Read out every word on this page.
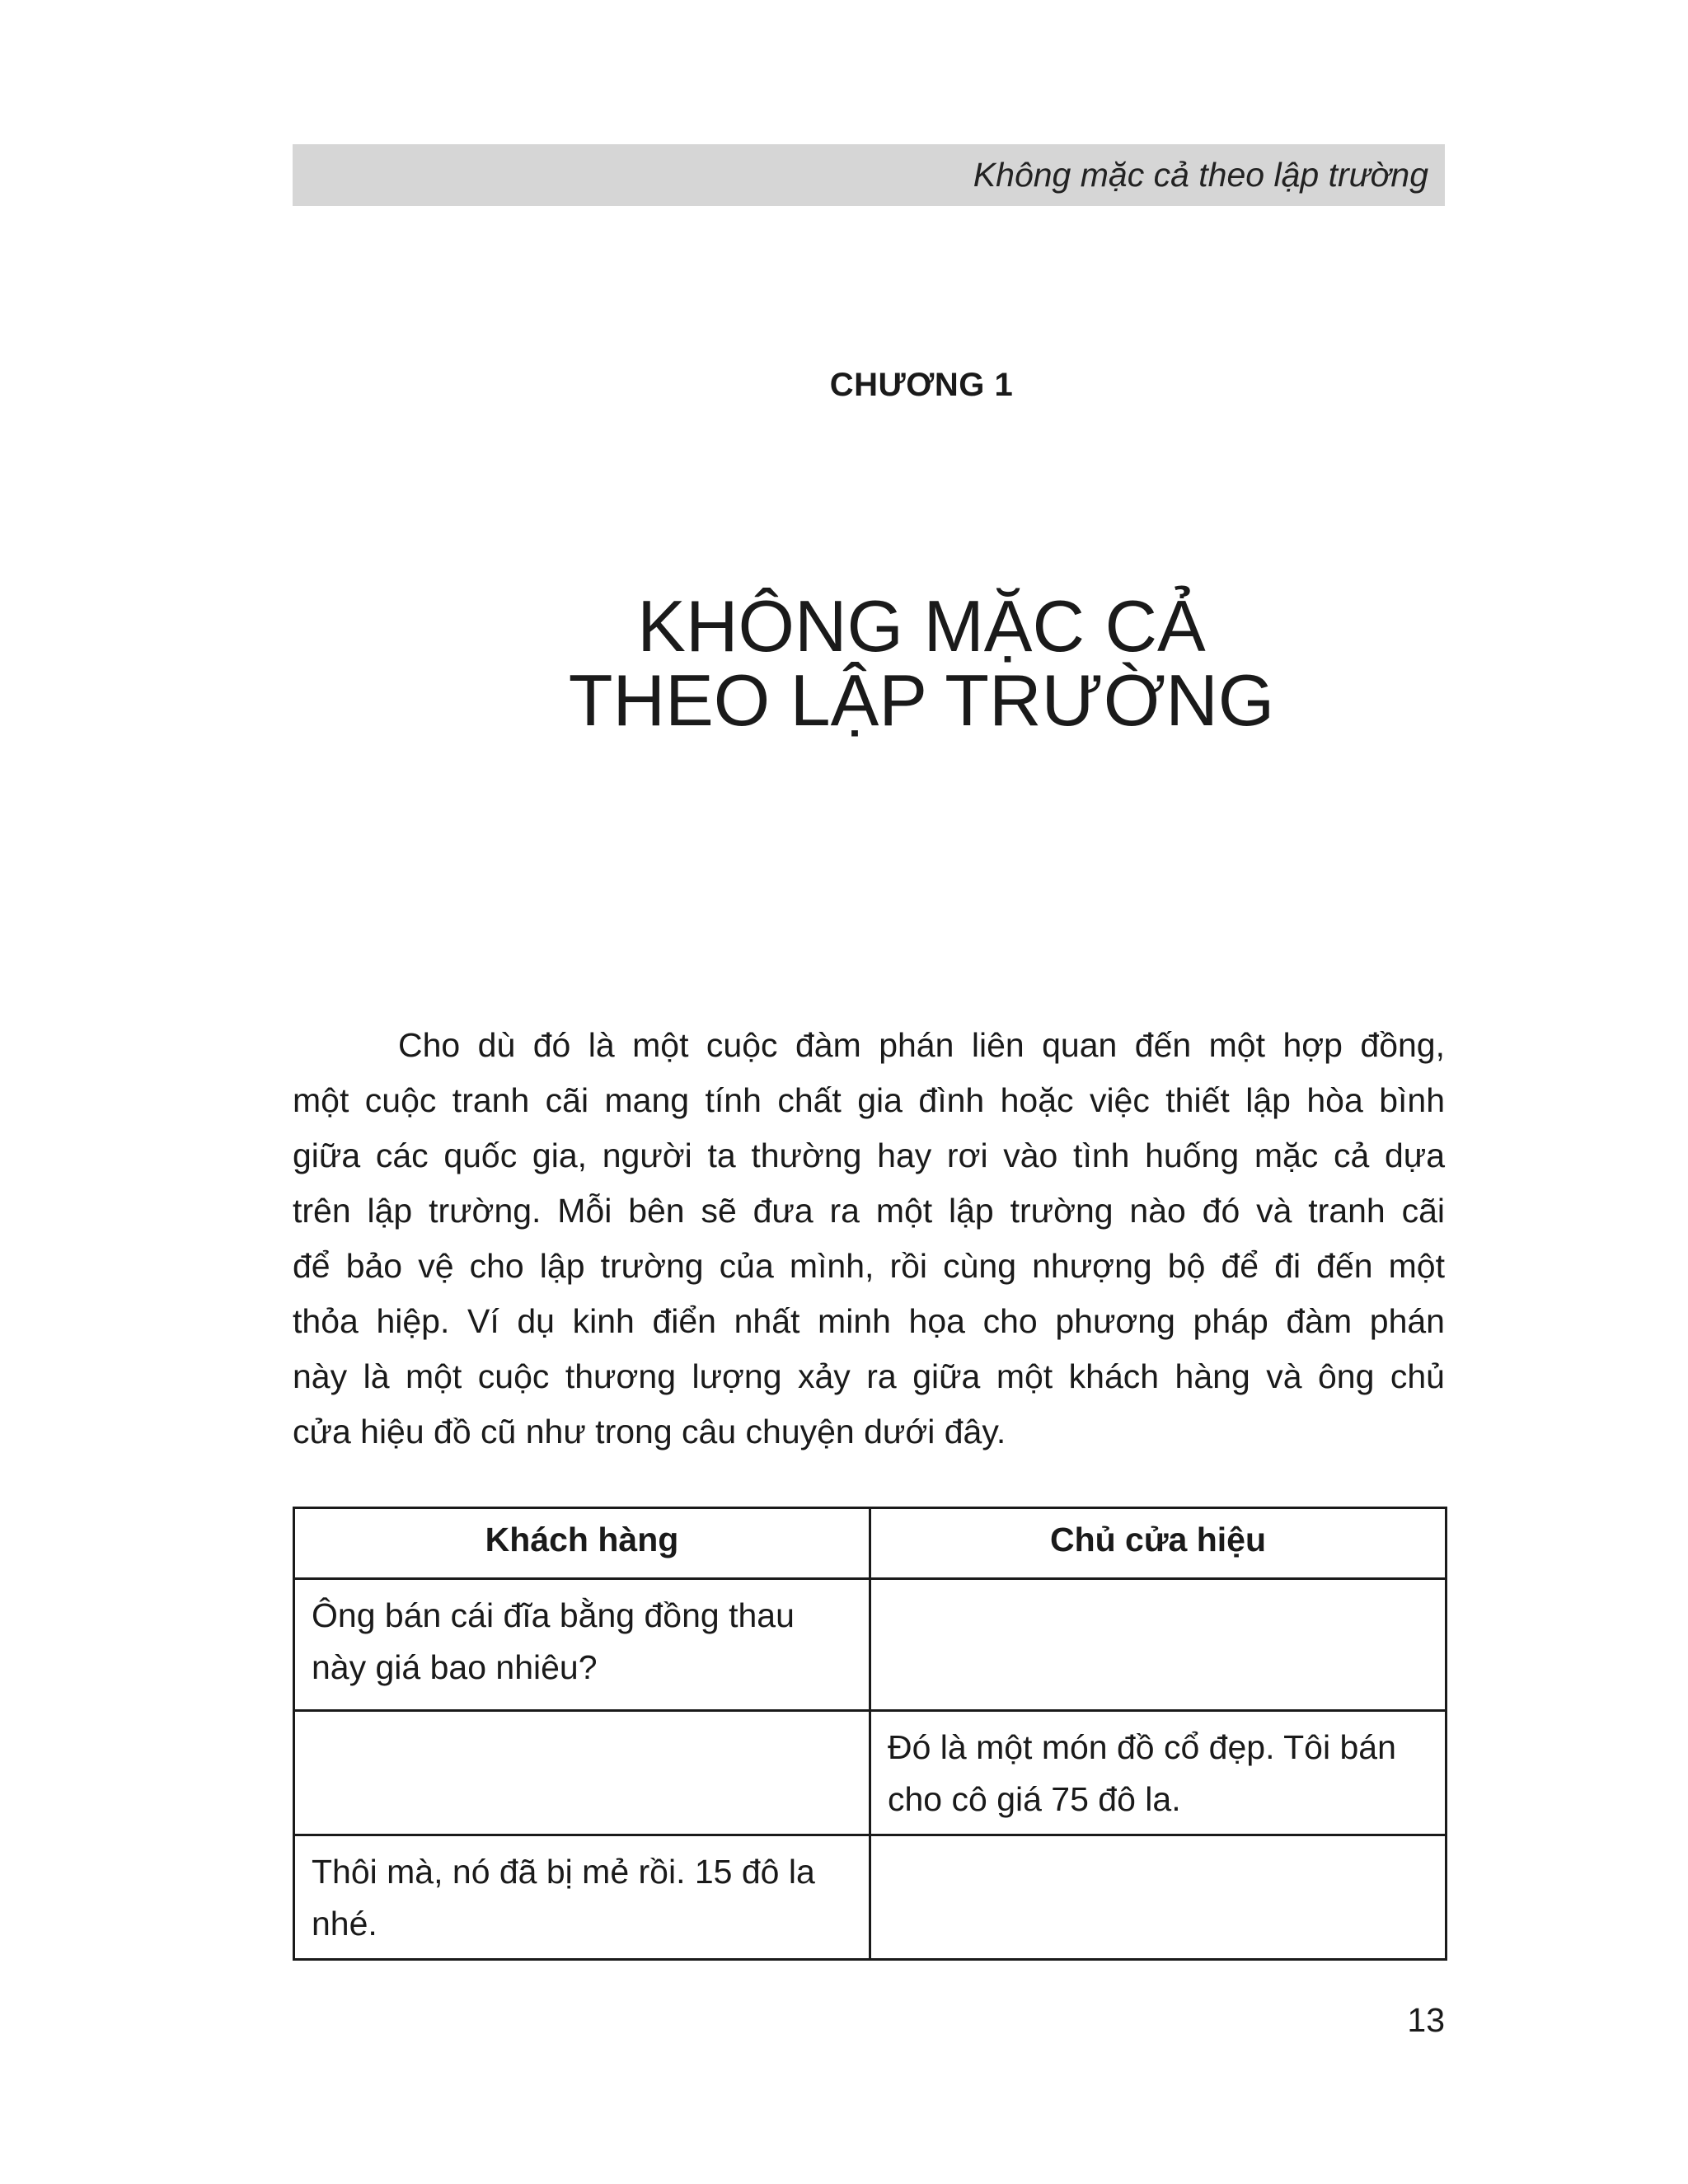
Không mặc cả theo lập trường
CHƯƠNG 1
KHÔNG MẶC CẢ
THEO LẬP TRƯỜNG
Cho dù đó là một cuộc đàm phán liên quan đến một hợp đồng,
một cuộc tranh cãi mang tính chất gia đình hoặc việc thiết lập hòa bình
giữa các quốc gia, người ta thường hay rơi vào tình huống mặc cả dựa
trên lập trường. Mỗi bên sẽ đưa ra một lập trường nào đó và tranh cãi
để bảo vệ cho lập trường của mình, rồi cùng nhượng bộ để đi đến một
thỏa hiệp. Ví dụ kinh điển nhất minh họa cho phương pháp đàm phán
này là một cuộc thương lượng xảy ra giữa một khách hàng và ông chủ
cửa hiệu đồ cũ như trong câu chuyện dưới đây.
Khách hàng	Chủ cửa hiệu
Ông bán cái đĩa bằng đồng thau này giá bao nhiêu?	
	Đó là một món đồ cổ đẹp. Tôi bán cho cô giá 75 đô la.
Thôi mà, nó đã bị mẻ rồi. 15 đô la nhé.	
13
